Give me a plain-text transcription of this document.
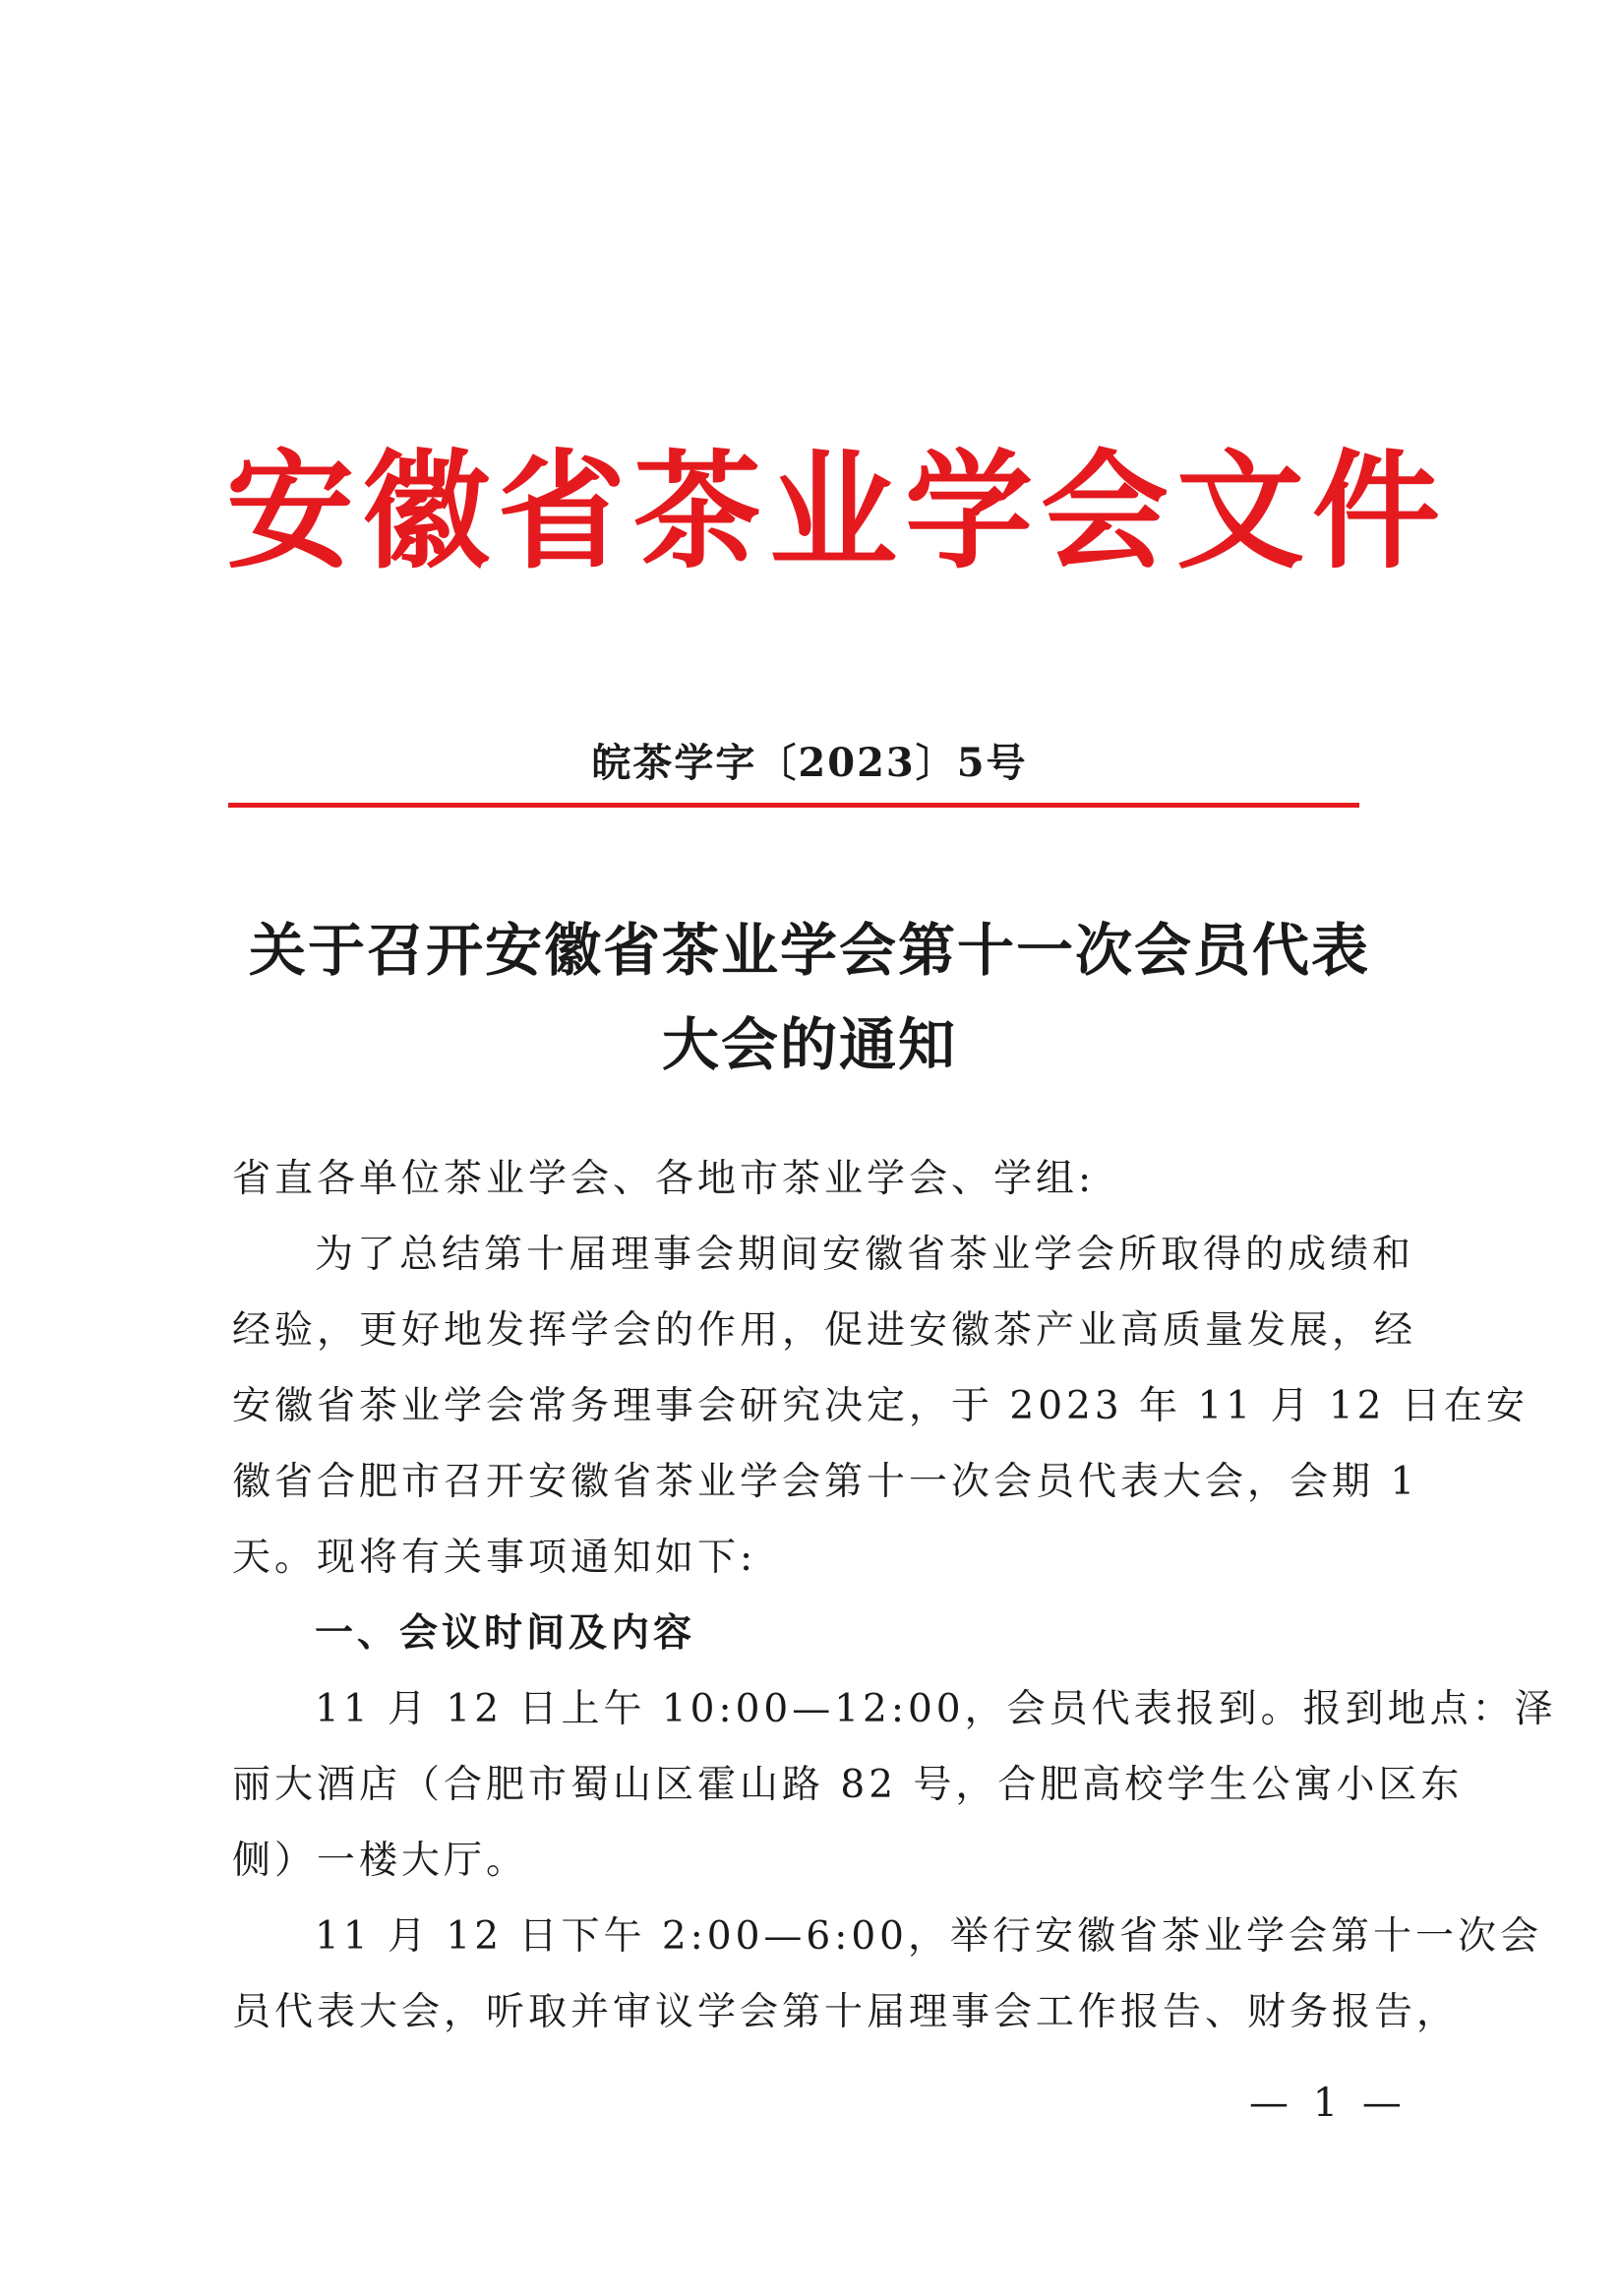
安徽省茶业学会文件
皖茶学字〔2023〕5号
关于召开安徽省茶业学会第十一次会员代表
大会的通知
省直各单位茶业学会、各地市茶业学会、学组:
为了总结第十届理事会期间安徽省茶业学会所取得的成绩和
经验，更好地发挥学会的作用，促进安徽茶产业高质量发展，经
安徽省茶业学会常务理事会研究决定，于 2023 年 11 月 12 日在安
徽省合肥市召开安徽省茶业学会第十一次会员代表大会，会期 1
天。现将有关事项通知如下:
一、会议时间及内容
11 月 12 日上午 10:00—12:00，会员代表报到。报到地点：泽
丽大酒店（合肥市蜀山区霍山路 82 号，合肥高校学生公寓小区东
侧）一楼大厅。
11 月 12 日下午 2:00—6:00，举行安徽省茶业学会第十一次会
员代表大会，听取并审议学会第十届理事会工作报告、财务报告，
— 1 —
